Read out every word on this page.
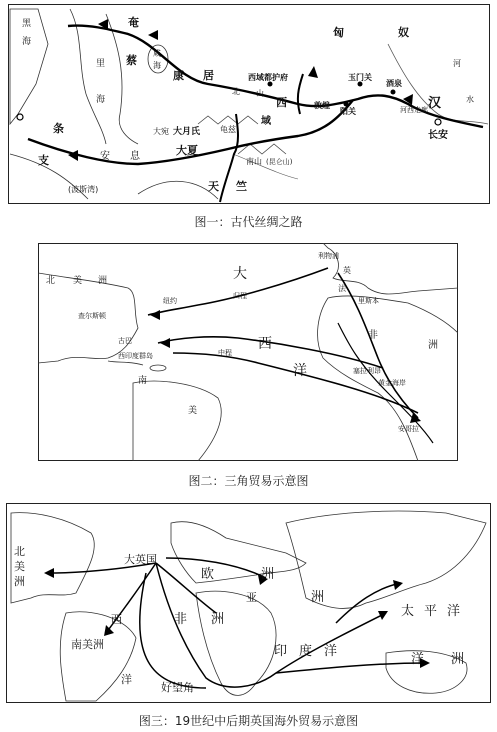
黑
海
里
海
咸
海
条
支	安 息
(波斯湾)
奄
蔡
康 居
大月氏
大夏
匈	奴
西域都护府
北 山
西
域
玉门关
酒泉
敦煌
阳关	河西走廊
南山 (昆仑山)
汉
长安
河
水
天 竺
龟兹
大宛
图一：古代丝绸之路
北 美 洲	大
西
洋
纽约
查尔斯顿
古巴
西印度群岛
南
美
归程
中程
利物浦
英
法
里斯本
非
洲
塞拉利昂
黄金海岸
安哥拉
图二：三角贸易示意图
北
美
洲
大英国
欧	洲
亚	洲
非 洲
西
洋
南美洲
好望角
印 度 洋
太 平 洋
洋 洲
图三：19世纪中后期英国海外贸易示意图
